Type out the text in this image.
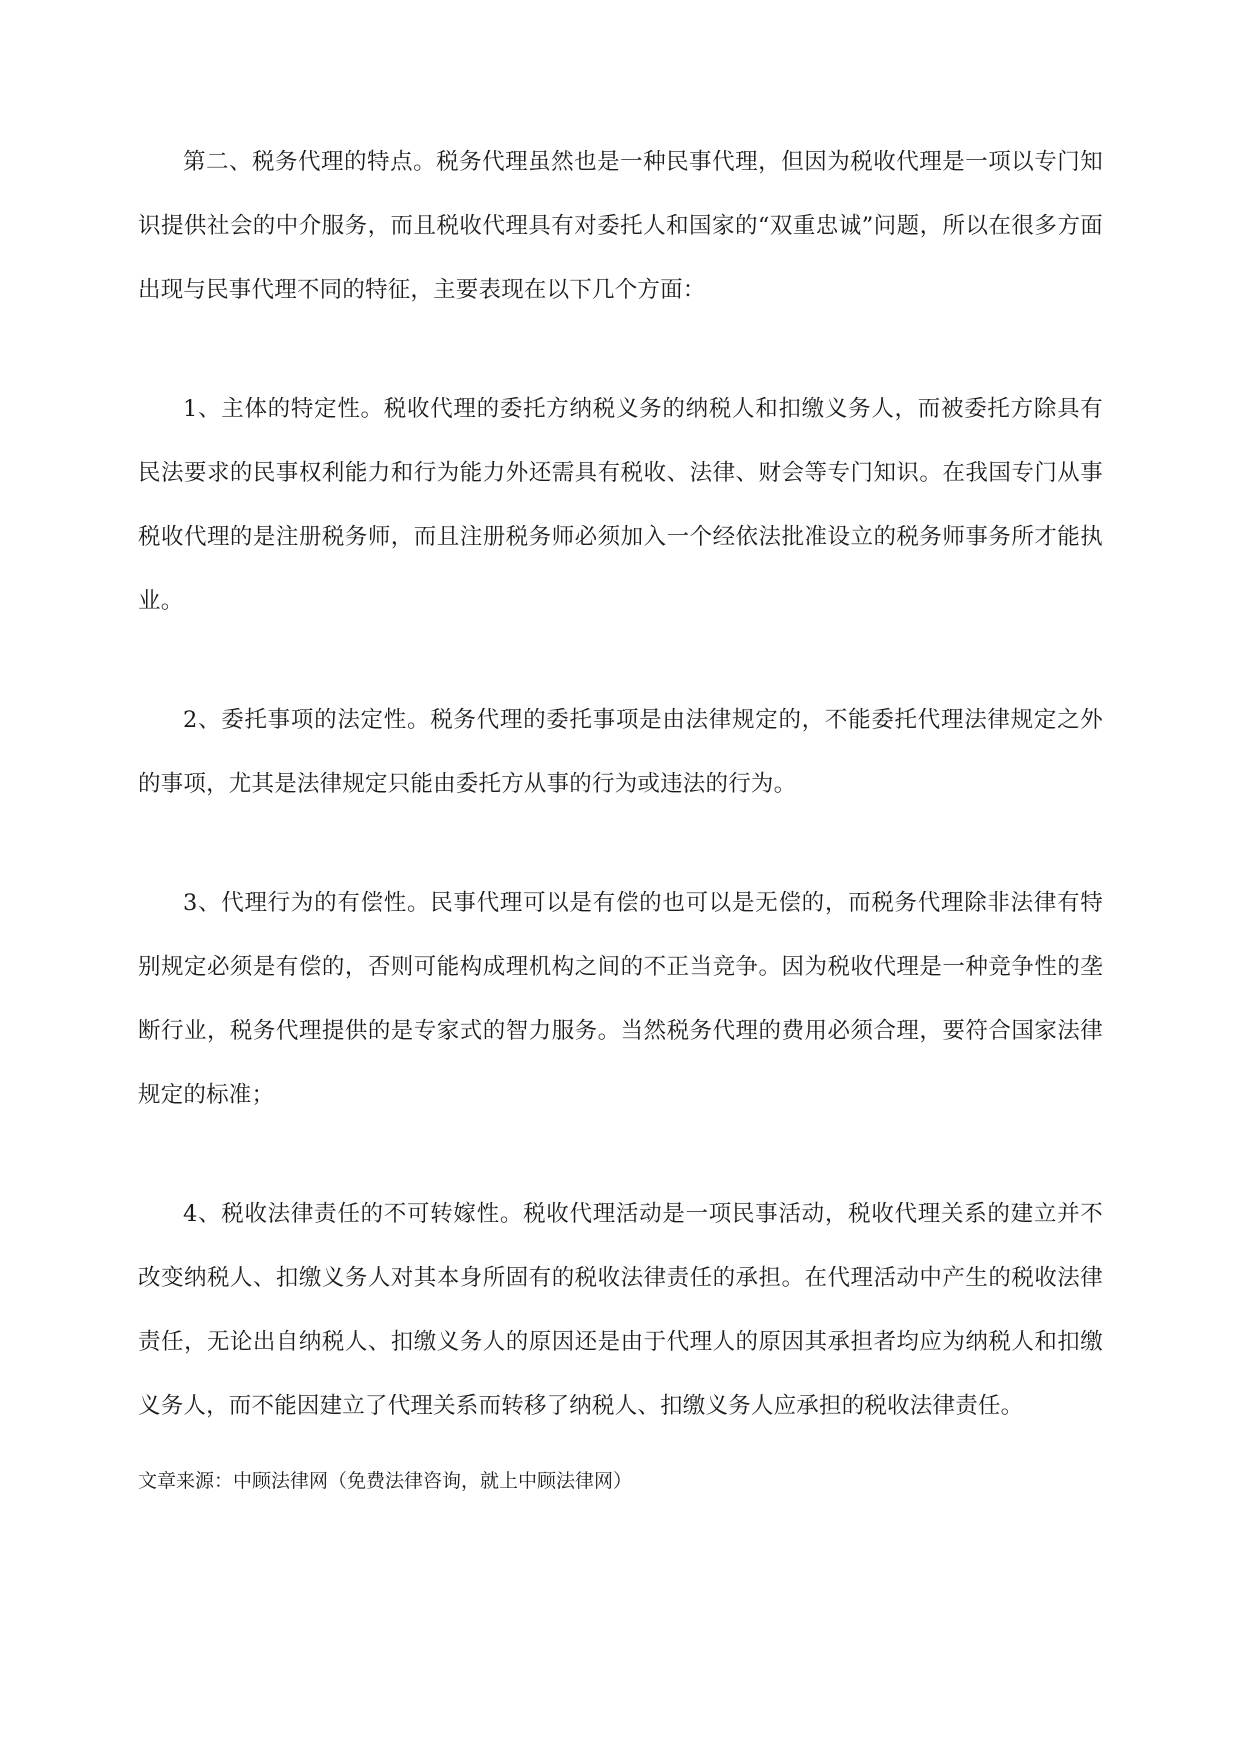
第二、税务代理的特点。税务代理虽然也是一种民事代理，但因为税收代理是一项以专门知识提供社会的中介服务，而且税收代理具有对委托人和国家的“双重忠诚”问题，所以在很多方面出现与民事代理不同的特征，主要表现在以下几个方面：

1、主体的特定性。税收代理的委托方纳税义务的纳税人和扣缴义务人，而被委托方除具有民法要求的民事权利能力和行为能力外还需具有税收、法律、财会等专门知识。在我国专门从事税收代理的是注册税务师，而且注册税务师必须加入一个经依法批准设立的税务师事务所才能执业。

2、委托事项的法定性。税务代理的委托事项是由法律规定的，不能委托代理法律规定之外的事项，尤其是法律规定只能由委托方从事的行为或违法的行为。

3、代理行为的有偿性。民事代理可以是有偿的也可以是无偿的，而税务代理除非法律有特别规定必须是有偿的，否则可能构成理机构之间的不正当竞争。因为税收代理是一种竞争性的垄断行业，税务代理提供的是专家式的智力服务。当然税务代理的费用必须合理，要符合国家法律规定的标准；

4、税收法律责任的不可转嫁性。税收代理活动是一项民事活动，税收代理关系的建立并不改变纳税人、扣缴义务人对其本身所固有的税收法律责任的承担。在代理活动中产生的税收法律责任，无论出自纳税人、扣缴义务人的原因还是由于代理人的原因其承担者均应为纳税人和扣缴义务人，而不能因建立了代理关系而转移了纳税人、扣缴义务人应承担的税收法律责任。

文章来源：中顾法律网（免费法律咨询，就上中顾法律网）
